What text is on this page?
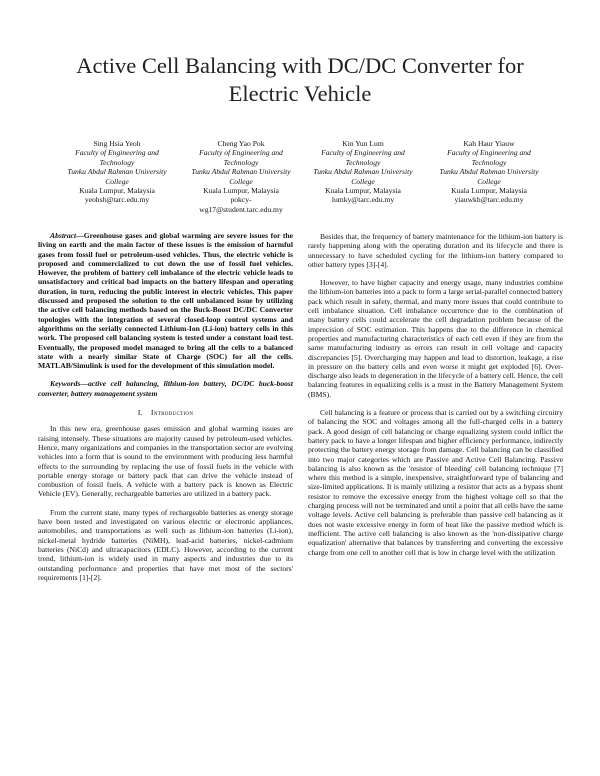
Active Cell Balancing with DC/DC Converter for Electric Vehicle
Sing Hsia Yeoh
Faculty of Engineering and
Technology
Tunku Abdul Rahman University
College
Kuala Lumpur, Malaysia
yeohsh@tarc.edu.my
Cheng Yao Pok
Faculty of Engineering and
Technology
Tunku Abdul Rahman University
College
Kuala Lumpur, Malaysia
pokcy-
wg17@student.tarc.edu.my
Kin Yun Lum
Faculty of Engineering and
Technology
Tunku Abdul Rahman University
College
Kuala Lumpur, Malaysia
lumky@tarc.edu.my
Kah Haur Yiauw
Faculty of Engineering and
Technology
Tunku Abdul Rahman University
College
Kuala Lumpur, Malaysia
yiauwkh@tarc.edu.my

Abstract—Greenhouse gases and global warming are severe issues for the living on earth and the main factor of these issues is the emission of harmful gases from fossil fuel or petroleum-used vehicles. Thus, the electric vehicle is proposed and commercialized to cut down the use of fossil fuel vehicles. However, the problem of battery cell imbalance of the electric vehicle leads to unsatisfactory and critical bad impacts on the battery lifespan and operating duration, in turn, reducing the public interest in electric vehicles. This paper discussed and proposed the solution to the cell unbalanced issue by utilizing the active cell balancing methods based on the Buck-Boost DC/DC Converter topologies with the integration of several closed-loop control systems and algorithms on the serially connected Lithium-Ion (Li-ion) battery cells in this work. The proposed cell balancing system is tested under a constant load test. Eventually, the proposed model managed to bring all the cells to a balanced state with a nearly similar State of Charge (SOC) for all the cells. MATLAB/Simulink is used for the development of this simulation model.

Keywords—active cell balancing, lithium-ion battery, DC/DC buck-boost converter, battery management system

I. Introduction

In this new era, greenhouse gases emission and global warming issues are raising intensely. These situations are majority caused by petroleum-used vehicles. Hence, many organizations and companies in the transportation sector are evolving vehicles into a form that is sound to the environment with producing less harmful effects to the surrounding by replacing the use of fossil fuels in the vehicle with portable energy storage or battery pack that can drive the vehicle instead of combustion of fossil fuels. A vehicle with a battery pack is known as Electric Vehicle (EV). Generally, rechargeable batteries are utilized in a battery pack.

From the current state, many types of rechargeable batteries as energy storage have been tested and investigated on various electric or electronic appliances, automobiles, and transportations as well such as lithium-ion batteries (Li-ion), nickel-metal hydride batteries (NiMH), lead-acid batteries, nickel-cadmium batteries (NiCd) and ultracapacitors (EDLC). However, according to the current trend, lithium-ion is widely used in many aspects and industries due to its outstanding performance and properties that have met most of the sectors' requirements [1]-[2].

Besides that, the frequency of battery maintenance for the lithium-ion battery is rarely happening along with the operating duration and its lifecycle and there is unnecessary to have scheduled cycling for the lithium-ion battery compared to other battery types [3]-[4].

However, to have higher capacity and energy usage, many industries combine the lithium-ion batteries into a pack to form a large serial-parallel connected battery pack which result in safety, thermal, and many more issues that could contribute to cell imbalance situation. Cell imbalance occurrence due to the combination of many battery cells could accelerate the cell degradation problem because of the imprecision of SOC estimation. This happens due to the difference in chemical properties and manufacturing characteristics of each cell even if they are from the same manufacturing industry as errors can result in cell voltage and capacity discrepancies [5]. Overcharging may happen and lead to distortion, leakage, a rise in pressure on the battery cells and even worse it might get exploded [6]. Over-discharge also leads to degeneration in the lifecycle of a battery cell. Hence, the cell balancing features in equalizing cells is a must in the Battery Management System (BMS).

Cell balancing is a feature or process that is carried out by a switching circuitry of balancing the SOC and voltages among all the full-charged cells in a battery pack. A good design of cell balancing or charge equalizing system could inflict the battery pack to have a longer lifespan and higher efficiency performance, indirectly protecting the battery energy storage from damage. Cell balancing can be classified into two major categories which are Passive and Active Cell Balancing. Passive balancing is also known as the 'resistor of bleeding' cell balancing technique [7] where this method is a simple, inexpensive, straightforward type of balancing and size-limited applications. It is mainly utilizing a resistor that acts as a bypass shunt resistor to remove the excessive energy from the highest voltage cell so that the charging process will not be terminated and until a point that all cells have the same voltage levels. Active cell balancing is preferable than passive cell balancing as it does not waste excessive energy in form of heat like the passive method which is inefficient. The active cell balancing is also known as the 'non-dissipative charge equalization' alternative that balances by transferring and converting the excessive charge from one cell to another cell that is low in charge level with the utilization
